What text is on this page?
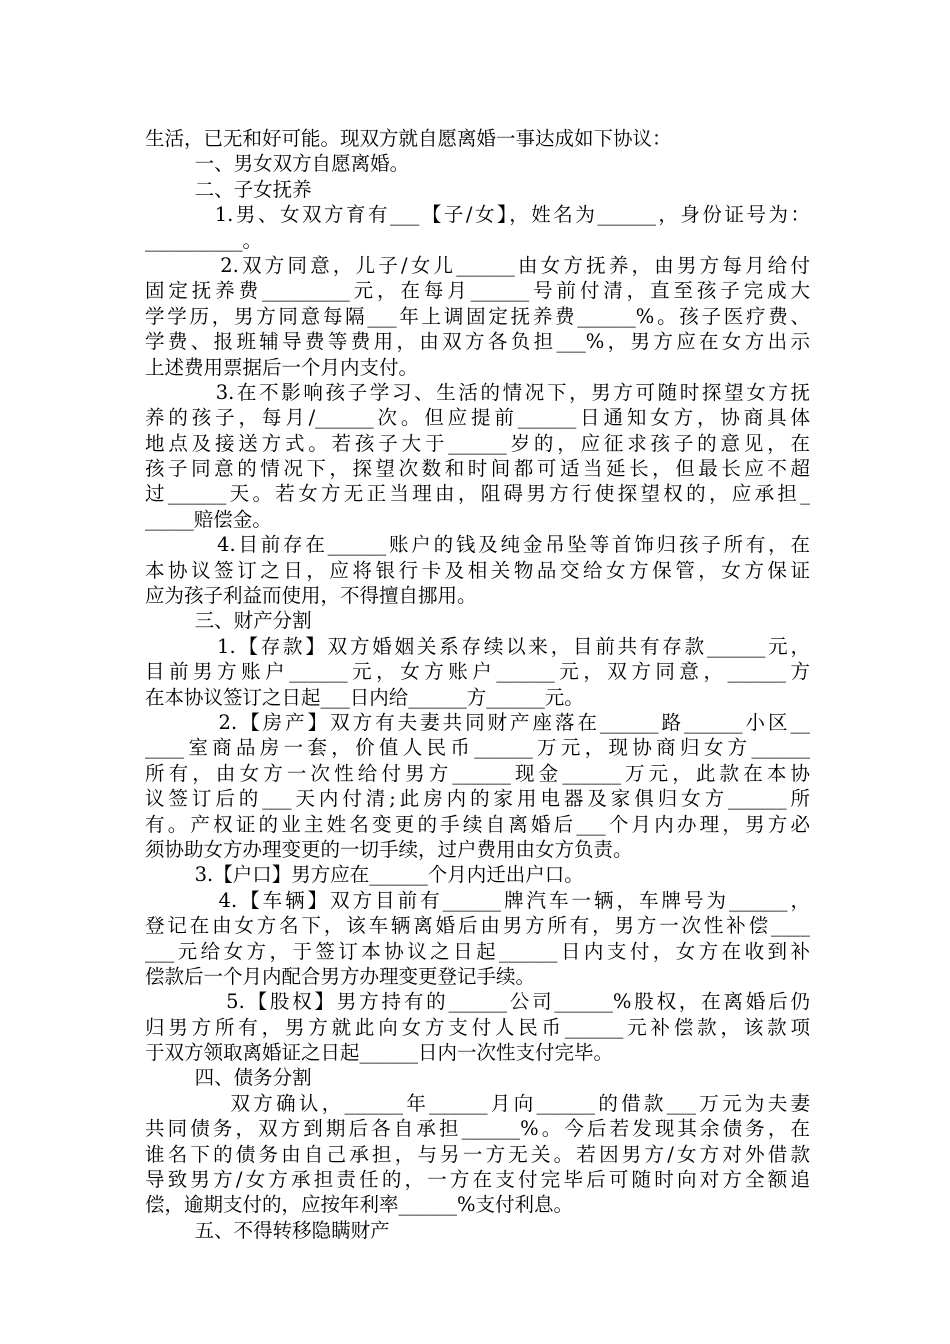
生活，已无和好可能。现双方就自愿离婚一事达成如下协议：
一、男女双方自愿离婚。
二、子女抚养
1.男、女双方育有___【子/女】，姓名为______，身份证号为：
__________。
2.双方同意，儿子/女儿______由女方抚养，由男方每月给付
固定抚养费_________元，在每月______号前付清，直至孩子完成大
学学历，男方同意每隔___年上调固定抚养费______%。孩子医疗费、
学费、报班辅导费等费用，由双方各负担___%，男方应在女方出示
上述费用票据后一个月内支付。
3.在不影响孩子学习、生活的情况下，男方可随时探望女方抚
养的孩子，每月/______次。但应提前______日通知女方，协商具体
地点及接送方式。若孩子大于______岁的，应征求孩子的意见，在
孩子同意的情况下，探望次数和时间都可适当延长，但最长应不超
过______天。若女方无正当理由，阻碍男方行使探望权的，应承担_
_____赔偿金。
4.目前存在______账户的钱及纯金吊坠等首饰归孩子所有，在
本协议签订之日，应将银行卡及相关物品交给女方保管，女方保证
应为孩子利益而使用，不得擅自挪用。
三、财产分割
1.【存款】双方婚姻关系存续以来，目前共有存款______元，
目前男方账户______元，女方账户______元，双方同意，______方
在本协议签订之日起___日内给______方______元。
2.【房产】双方有夫妻共同财产座落在______路______小区__
____室商品房一套，价值人民币______万元，现协商归女方______
所有，由女方一次性给付男方______现金______万元，此款在本协
议签订后的___天内付清;此房内的家用电器及家俱归女方______所
有。产权证的业主姓名变更的手续自离婚后___个月内办理，男方必
须协助女方办理变更的一切手续，过户费用由女方负责。
3.【户口】男方应在______个月内迁出户口。
4.【车辆】双方目前有______牌汽车一辆，车牌号为______，
登记在由女方名下，该车辆离婚后由男方所有，男方一次性补偿____
___元给女方，于签订本协议之日起______日内支付，女方在收到补
偿款后一个月内配合男方办理变更登记手续。
5.【股权】男方持有的______公司______%股权，在离婚后仍
归男方所有，男方就此向女方支付人民币______元补偿款，该款项
于双方领取离婚证之日起______日内一次性支付完毕。
四、债务分割
双方确认，______年______月向______的借款___万元为夫妻
共同债务，双方到期后各自承担______%。今后若发现其余债务，在
谁名下的债务由自己承担，与另一方无关。若因男方/女方对外借款
导致男方/女方承担责任的，一方在支付完毕后可随时向对方全额追
偿，逾期支付的，应按年利率______%支付利息。
五、不得转移隐瞒财产
